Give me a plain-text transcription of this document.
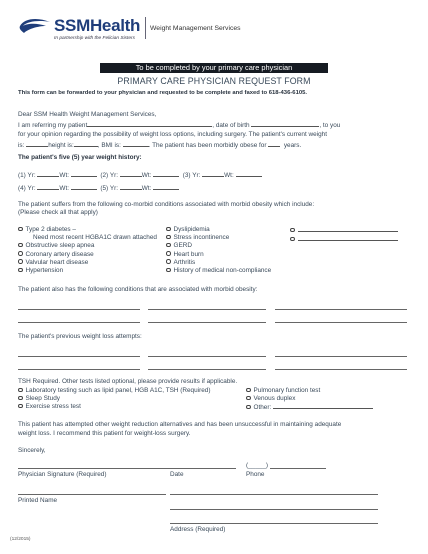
SSMHealth
In partnership with the Felician Sisters
Weight Management Services
To be completed by your primary care physician
PRIMARY CARE PHYSICIAN REQUEST FORM
This form can be forwarded to your physician and requested to be complete and faxed to 618-436-6105.
Dear SSM Health Weight Management Services,
I am referring my patient	, date of birth	, to you
for your opinion regarding the possibility of weight loss options, including surgery. The patient's current weight
is:	height is:	, BMI is:	. The patient has been morbidly obese for	years.
The patient's five (5) year weight history:
(1) Yr:	Wt:	(2) Yr:	Wt:	(3) Yr:	Wt:
(4) Yr:	Wt:	(5) Yr:	Wt:
The patient suffers from the following co-morbid conditions associated with morbid obesity which include:
(Please check all that apply)
Type 2 diabetes –
Need most recent HGBA1C drawn attached
Obstructive sleep apnea
Coronary artery disease
Valvular heart disease
Hypertension
Dyslipidemia
Stress incontinence
GERD
Heart burn
Arthritis
History of medical non-compliance
The patient also has the following conditions that are associated with morbid obesity:
The patient's previous weight loss attempts:
TSH Required. Other tests listed optional, please provide results if applicable.
Laboratory testing such as lipid panel, HGB A1C, TSH (Required)
Sleep Study
Exercise stress test
Pulmonary function test
Venous duplex
Other:
This patient has attempted other weight reduction alternatives and has been unsuccessful in maintaining adequate
weight loss. I recommend this patient for weight-loss surgery.
Sincerely,
(_____)
Physician Signature (Required)	Date	Phone
Printed Name
Address (Required)
(12/2015)
